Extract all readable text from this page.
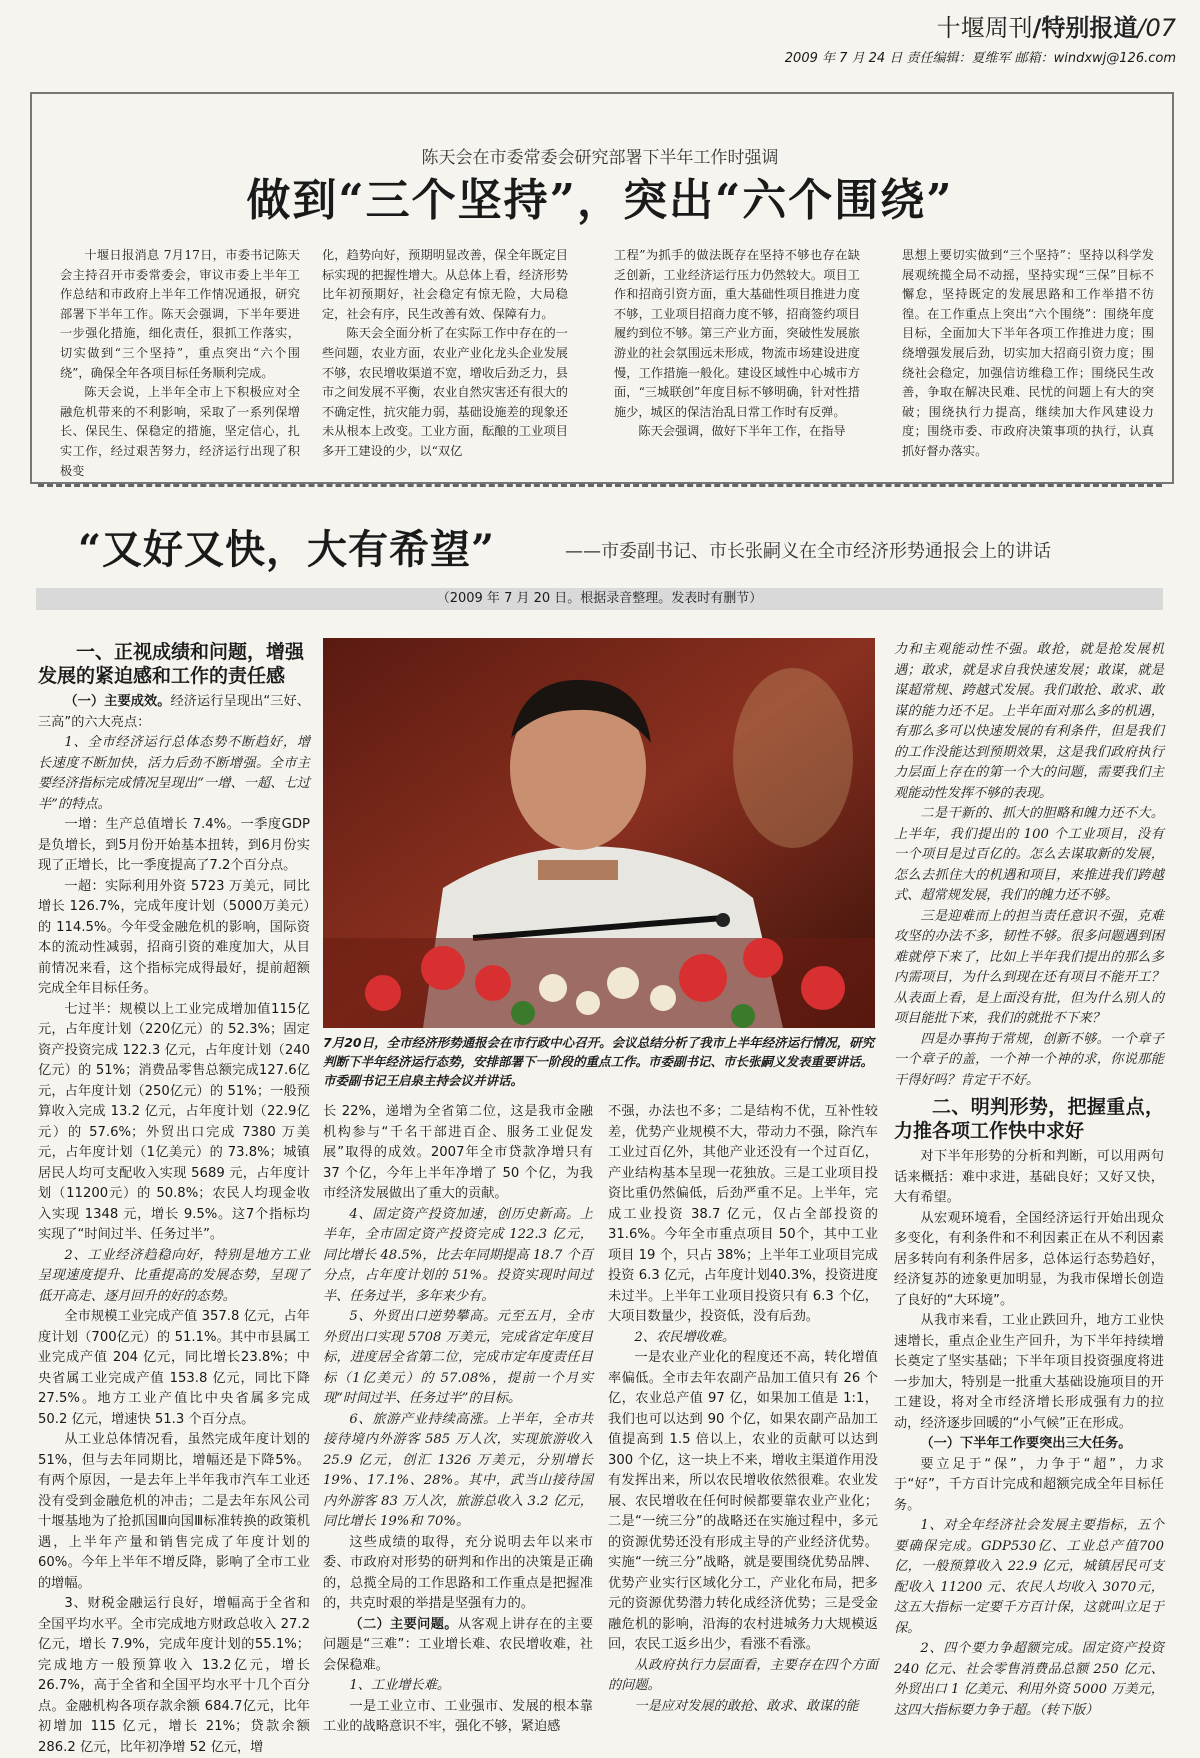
十堰周刊/特别报道/07
2009 年 7 月 24 日 责任编辑：夏维军 邮箱：windxwj@126.com
陈天会在市委常委会研究部署下半年工作时强调
做到“三个坚持”，突出“六个围绕”

十堰日报消息 7月17日，市委书记陈天会主持召开市委常委会，审议市委上半年工作总结和市政府上半年工作情况通报，研究部署下半年工作。陈天会强调，下半年要进一步强化措施，细化责任，狠抓工作落实，切实做到“三个坚持”，重点突出“六个围绕”，确保全年各项目标任务顺利完成。

陈天会说，上半年全市上下积极应对全融危机带来的不利影响，采取了一系列保增长、保民生、保稳定的措施，坚定信心，扎实工作，经过艰苦努力，经济运行出现了积极变

化，趋势向好，预期明显改善，保全年既定目标实现的把握性增大。从总体上看，经济形势比年初预期好，社会稳定有惊无险，大局稳定，社会有序，民生改善有效、保障有力。

陈天会全面分析了在实际工作中存在的一些问题，农业方面，农业产业化龙头企业发展不够，农民增收渠道不宽，增收后劲乏力，县市之间发展不平衡，农业自然灾害还有很大的不确定性，抗灾能力弱，基础设施差的现象还未从根本上改变。工业方面，酝酿的工业项目多开工建设的少，以“双亿

工程”为抓手的做法既存在坚持不够也存在缺乏创新，工业经济运行压力仍然较大。项目工作和招商引资方面，重大基础性项目推进力度不够，工业项目招商力度不够，招商签约项目履约到位不够。第三产业方面，突破性发展旅游业的社会氛围远未形成，物流市场建设进度慢，工作措施一般化。建设区域性中心城市方面，“三城联创”年度目标不够明确，针对性措施少，城区的保洁治乱日常工作时有反弹。

陈天会强调，做好下半年工作，在指导

思想上要切实做到“三个坚持”：坚持以科学发展观统揽全局不动摇，坚持实现“三保”目标不懈怠，坚持既定的发展思路和工作举措不彷徨。在工作重点上突出“六个围绕”：围绕年度目标，全面加大下半年各项工作推进力度；围绕增强发展后劲，切实加大招商引资力度；围绕社会稳定，加强信访维稳工作；围绕民生改善，争取在解决民难、民忧的问题上有大的突破；围绕执行力提高，继续加大作风建设力度；围绕市委、市政府决策事项的执行，认真抓好督办落实。

“又好又快，大有希望”	——市委副书记、市长张嗣义在全市经济形势通报会上的讲话
（2009 年 7 月 20 日。根据录音整理。发表时有删节）
一、正视成绩和问题，增强发展的紧迫感和工作的责任感

（一）主要成效。经济运行呈现出“三好、三高”的六大亮点：

1、全市经济运行总体态势不断趋好，增长速度不断加快，活力后劲不断增强。全市主要经济指标完成情况呈现出“一增、一超、七过半”的特点。

一增：生产总值增长 7.4%。一季度GDP是负增长，到5月份开始基本扭转，到6月份实现了正增长，比一季度提高了7.2个百分点。

一超：实际利用外资 5723 万美元，同比增长 126.7%，完成年度计划（5000万美元）的 114.5%。今年受金融危机的影响，国际资本的流动性减弱，招商引资的难度加大，从目前情况来看，这个指标完成得最好，提前超额完成全年目标任务。

七过半：规模以上工业完成增加值115亿元，占年度计划（220亿元）的 52.3%；固定资产投资完成 122.3 亿元，占年度计划（240亿元）的 51%；消费品零售总额完成127.6亿元，占年度计划（250亿元）的 51%；一般预算收入完成 13.2 亿元，占年度计划（22.9亿元）的 57.6%；外贸出口完成 7380 万美元，占年度计划（1亿美元）的 73.8%；城镇居民人均可支配收入实现 5689 元，占年度计划（11200元）的 50.8%；农民人均现金收入实现 1348 元，增长 9.5%。这7个指标均实现了“时间过半、任务过半”。

2、工业经济趋稳向好，特别是地方工业呈现速度提升、比重提高的发展态势，呈现了低开高走、逐月回升的好的态势。

全市规模工业完成产值 357.8 亿元，占年度计划（700亿元）的 51.1%。其中市县属工业完成产值 204 亿元，同比增长23.8%；中央省属工业完成产值 153.8 亿元，同比下降 27.5%。地方工业产值比中央省属多完成 50.2 亿元，增速快 51.3 个百分点。

从工业总体情况看，虽然完成年度计划的 51%，但与去年同期比，增幅还是下降5%。有两个原因，一是去年上半年我市汽车工业还没有受到金融危机的冲击；二是去年东风公司十堰基地为了抢抓国Ⅲ向国Ⅲ标准转换的政策机遇，上半年产量和销售完成了年度计划的 60%。今年上半年不增反降，影响了全市工业的增幅。

3、财税金融运行良好，增幅高于全省和全国平均水平。全市完成地方财政总收入 27.2 亿元，增长 7.9%，完成年度计划的55.1%；完成地方一般预算收入 13.2亿元，增长 26.7%，高于全省和全国平均水平十几个百分点。金融机构各项存款余额 684.7亿元，比年初增加 115 亿元，增长 21%；贷款余额 286.2 亿元，比年初净增 52 亿元，增

7月20日，全市经济形势通报会在市行政中心召开。会议总结分析了我市上半年经济运行情况，研究判断下半年经济运行态势，安排部署下一阶段的重点工作。市委副书记、市长张嗣义发表重要讲话。市委副书记王启泉主持会议并讲话。

长 22%，递增为全省第二位，这是我市金融机构参与“千名干部进百企、服务工业促发展”取得的成效。2007年全市贷款净增只有 37 个亿，今年上半年净增了 50 个亿，为我市经济发展做出了重大的贡献。

4、固定资产投资加速，创历史新高。上半年，全市固定资产投资完成 122.3 亿元，同比增长 48.5%，比去年同期提高 18.7 个百分点，占年度计划的 51%。投资实现时间过半、任务过半，多年来少有。

5、外贸出口逆势攀高。元至五月，全市外贸出口实现 5708 万美元，完成省定年度目标，进度居全省第二位，完成市定年度责任目标（1亿美元）的 57.08%，提前一个月实现“时间过半、任务过半”的目标。

6、旅游产业持续高涨。上半年，全市共接待境内外游客 585 万人次，实现旅游收入 25.9 亿元，创汇 1326 万美元，分别增长19%、17.1%、28%。其中，武当山接待国内外游客 83 万人次，旅游总收入 3.2 亿元，同比增长 19%和 70%。

这些成绩的取得，充分说明去年以来市委、市政府对形势的研判和作出的决策是正确的，总揽全局的工作思路和工作重点是把握准的，共克时艰的举措是坚强有力的。

（二）主要问题。从客观上讲存在的主要问题是“三难”：工业增长难、农民增收难，社会保稳难。

1、工业增长难。

一是工业立市、工业强市、发展的根本靠工业的战略意识不牢，强化不够，紧迫感

不强，办法也不多；二是结构不优，互补性较差，优势产业规模不大，带动力不强，除汽车工业过百亿外，其他产业还没有一个过百亿，产业结构基本呈现一花独放。三是工业项目投资比重仍然偏低，后劲严重不足。上半年，完成工业投资 38.7 亿元，仅占全部投资的 31.6%。今年全市重点项目 50个，其中工业项目 19 个，只占 38%；上半年工业项目完成投资 6.3 亿元，占年度计划40.3%，投资进度未过半。上半年工业项目投资只有 6.3 个亿，大项目数量少，投资低，没有后劲。

2、农民增收难。

一是农业产业化的程度还不高，转化增值率偏低。全市去年农副产品加工值只有 26 个亿，农业总产值 97 亿，如果加工值是 1:1，我们也可以达到 90 个亿，如果农副产品加工值提高到 1.5 倍以上，农业的贡献可以达到 300 个亿，这一块上不来，增收主渠道作用没有发挥出来，所以农民增收依然很难。农业发展、农民增收在任何时候都要靠农业产业化；二是“一统三分”的战略还在实施过程中，多元的资源优势还没有形成主导的产业经济优势。实施“一统三分”战略，就是要围绕优势品牌、优势产业实行区域化分工，产业化布局，把多元的资源优势潜力转化成经济优势；三是受金融危机的影响，沿海的农村进城务力大规模返回，农民工返乡出少，看涨不看涨。

从政府执行力层面看，主要存在四个方面的问题。

一是应对发展的敢抢、敢求、敢谋的能

力和主观能动性不强。敢抢，就是抢发展机遇；敢求，就是求自我快速发展；敢谋，就是谋超常规、跨越式发展。我们敢抢、敢求、敢谋的能力还不足。上半年面对那么多的机遇，有那么多可以快速发展的有利条件，但是我们的工作没能达到预期效果，这是我们政府执行力层面上存在的第一个大的问题，需要我们主观能动性发挥不够的表现。

二是干新的、抓大的胆略和魄力还不大。上半年，我们提出的 100 个工业项目，没有一个项目是过百亿的。怎么去谋取新的发展，怎么去抓住大的机遇和项目，来推进我们跨越式、超常规发展，我们的魄力还不够。

三是迎难而上的担当责任意识不强，克难攻坚的办法不多，韧性不够。很多问题遇到困难就停下来了，比如上半年我们提出的那么多内需项目，为什么到现在还有项目不能开工？从表面上看，是上面没有批，但为什么别人的项目能批下来，我们的就批不下来？

四是办事拘于常规，创新不够。一个章子一个章子的盖，一个神一个神的求，你说那能干得好吗？肯定干不好。

二、明判形势，把握重点，力推各项工作快中求好

对下半年形势的分析和判断，可以用两句话来概括：难中求进，基础良好；又好又快，大有希望。

从宏观环境看，全国经济运行开始出现众多变化，有利条件和不利因素正在从不利因素居多转向有利条件居多，总体运行态势趋好，经济复苏的迹象更加明显，为我市保增长创造了良好的“大环境”。

从我市来看，工业止跌回升，地方工业快速增长，重点企业生产回升，为下半年持续增长奠定了坚实基础；下半年项目投资强度将进一步加大，特别是一批重大基础设施项目的开工建设，将对全市经济增长形成强有力的拉动，经济逐步回暖的“小气候”正在形成。

（一）下半年工作要突出三大任务。

要立足于“保”，力争于“超”，力求于“好”，千方百计完成和超额完成全年目标任务。

1、对全年经济社会发展主要指标，五个要确保完成。GDP530亿、工业总产值700亿，一般预算收入 22.9 亿元，城镇居民可支配收入 11200 元、农民人均收入 3070元，这五大指标一定要千方百计保，这就叫立足于保。

2、四个要力争超额完成。固定资产投资 240 亿元、社会零售消费品总额 250 亿元、外贸出口 1 亿美元、利用外资 5000 万美元，这四大指标要力争于超。（转下版）
